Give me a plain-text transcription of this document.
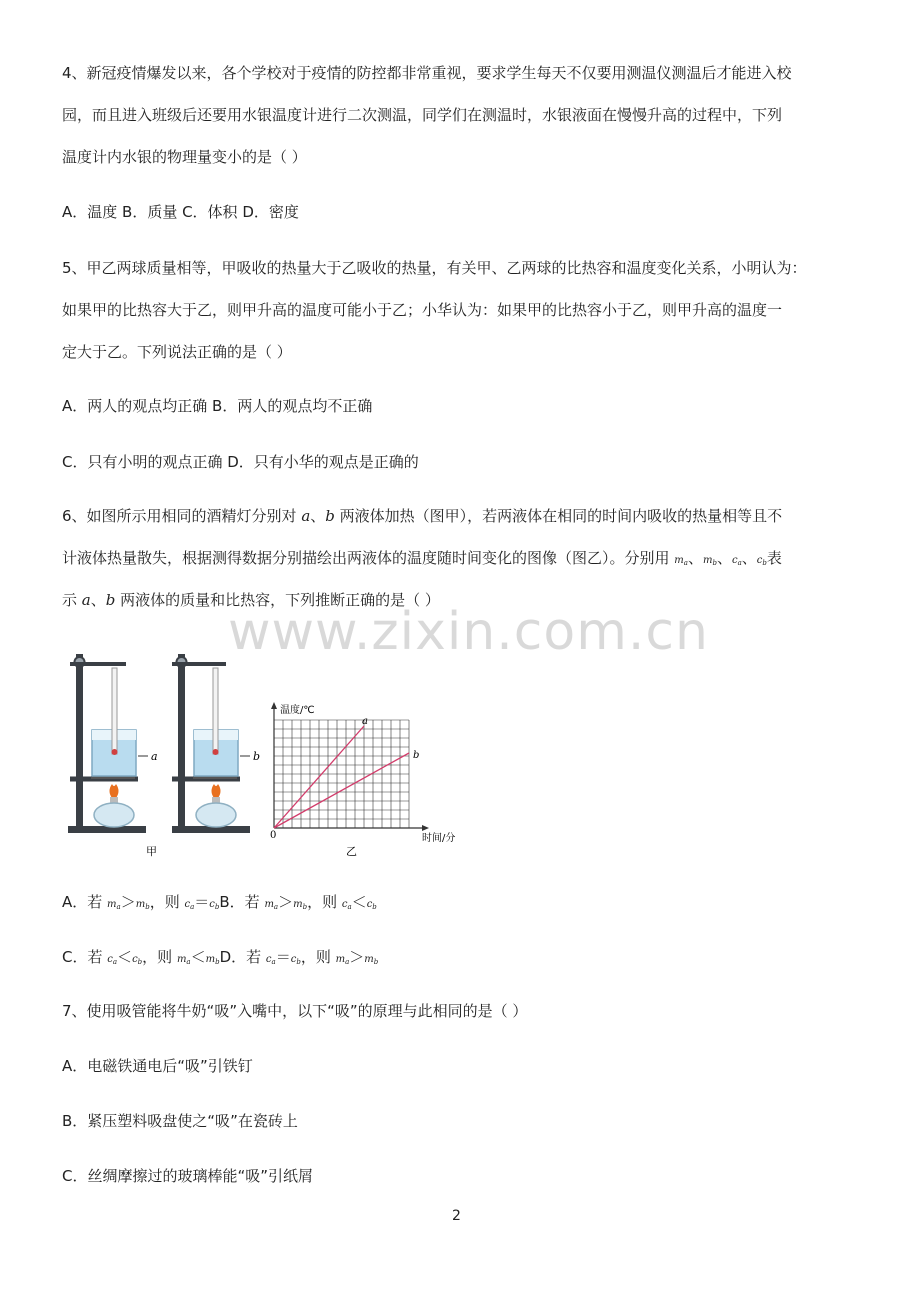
www.zixin.com.cn
4、新冠疫情爆发以来，各个学校对于疫情的防控都非常重视，要求学生每天不仅要用测温仪测温后才能进入校
园，而且进入班级后还要用水银温度计进行二次测温，同学们在测温时，水银液面在慢慢升高的过程中，下列
温度计内水银的物理量变小的是（ ）
A．温度 B．质量 C．体积 D．密度
5、甲乙两球质量相等，甲吸收的热量大于乙吸收的热量，有关甲、乙两球的比热容和温度变化关系，小明认为：
如果甲的比热容大于乙，则甲升高的温度可能小于乙；小华认为：如果甲的比热容小于乙，则甲升高的温度一
定大于乙。下列说法正确的是（ ）
A．两人的观点均正确 B．两人的观点均不正确
C．只有小明的观点正确 D．只有小华的观点是正确的
6、如图所示用相同的酒精灯分别对 a、b 两液体加热（图甲），若两液体在相同的时间内吸收的热量相等且不
计液体热量散失，根据测得数据分别描绘出两液体的温度随时间变化的图像（图乙）。分别用 $m_a$、$m_b$、$c_a$、$c_b$表
示 a、b 两液体的质量和比热容，下列推断正确的是（ ）
a	b
甲
温度/℃
时间/分
0
a
b
乙
A．若 $m_a>m_b$，则 $c_a=c_bB$．若 $m_a>m_b$，则 $c_a<c_b$
C．若 $c_a<c_b$，则 $m_a<m_bD$．若 $c_a=c_b$，则 $m_a>m_b$
7、使用吸管能将牛奶“吸”入嘴中，以下“吸”的原理与此相同的是（ ）
A．电磁铁通电后“吸”引铁钉
B．紧压塑料吸盘使之“吸”在瓷砖上
C．丝绸摩擦过的玻璃棒能“吸”引纸屑
2
